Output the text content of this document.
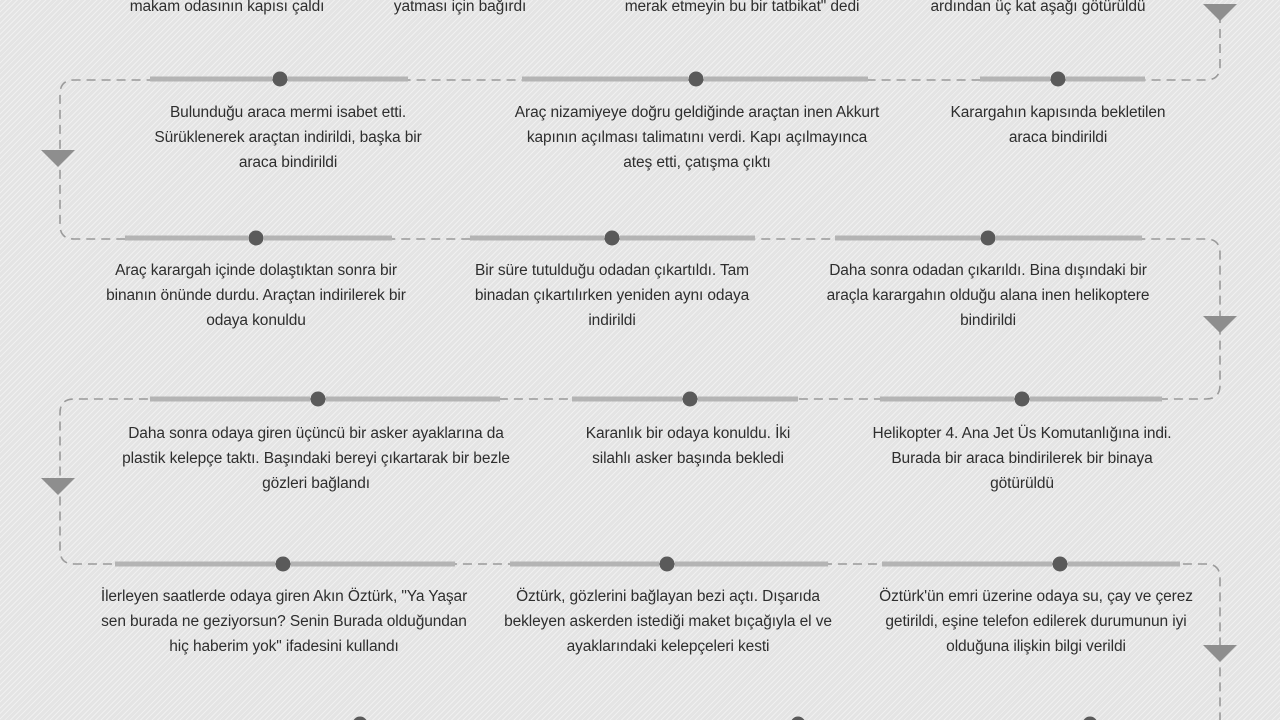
makam odasının kapısı çaldı	yatması için bağırdı	merak etmeyin bu bir tatbikat" dedi	ardından üç kat aşağı götürüldü
Bulunduğu araca mermi isabet etti. Sürüklenerek araçtan indirildi, başka bir araca bindirildi
Araç nizamiyeye doğru geldiğinde araçtan inen Akkurt kapının açılması talimatını verdi. Kapı açılmayınca ateş etti, çatışma çıktı
Karargahın kapısında bekletilen araca bindirildi
Araç karargah içinde dolaştıktan sonra bir binanın önünde durdu. Araçtan indirilerek bir odaya konuldu
Bir süre tutulduğu odadan çıkartıldı. Tam binadan çıkartılırken yeniden aynı odaya indirildi
Daha sonra odadan çıkarıldı. Bina dışındaki bir araçla karargahın olduğu alana inen helikoptere bindirildi
Daha sonra odaya giren üçüncü bir asker ayaklarına da plastik kelepçe taktı. Başındaki bereyi çıkartarak bir bezle gözleri bağlandı
Karanlık bir odaya konuldu. İki silahlı asker başında bekledi
Helikopter 4. Ana Jet Üs Komutanlığına indi. Burada bir araca bindirilerek bir binaya götürüldü
İlerleyen saatlerde odaya giren Akın Öztürk, "Ya Yaşar sen burada ne geziyorsun? Senin Burada olduğundan hiç haberim yok" ifadesini kullandı
Öztürk, gözlerini bağlayan bezi açtı. Dışarıda bekleyen askerden istediği maket bıçağıyla el ve ayaklarındaki kelepçeleri kesti
Öztürk'ün emri üzerine odaya su, çay ve çerez getirildi, eşine telefon edilerek durumunun iyi olduğuna ilişkin bilgi verildi
